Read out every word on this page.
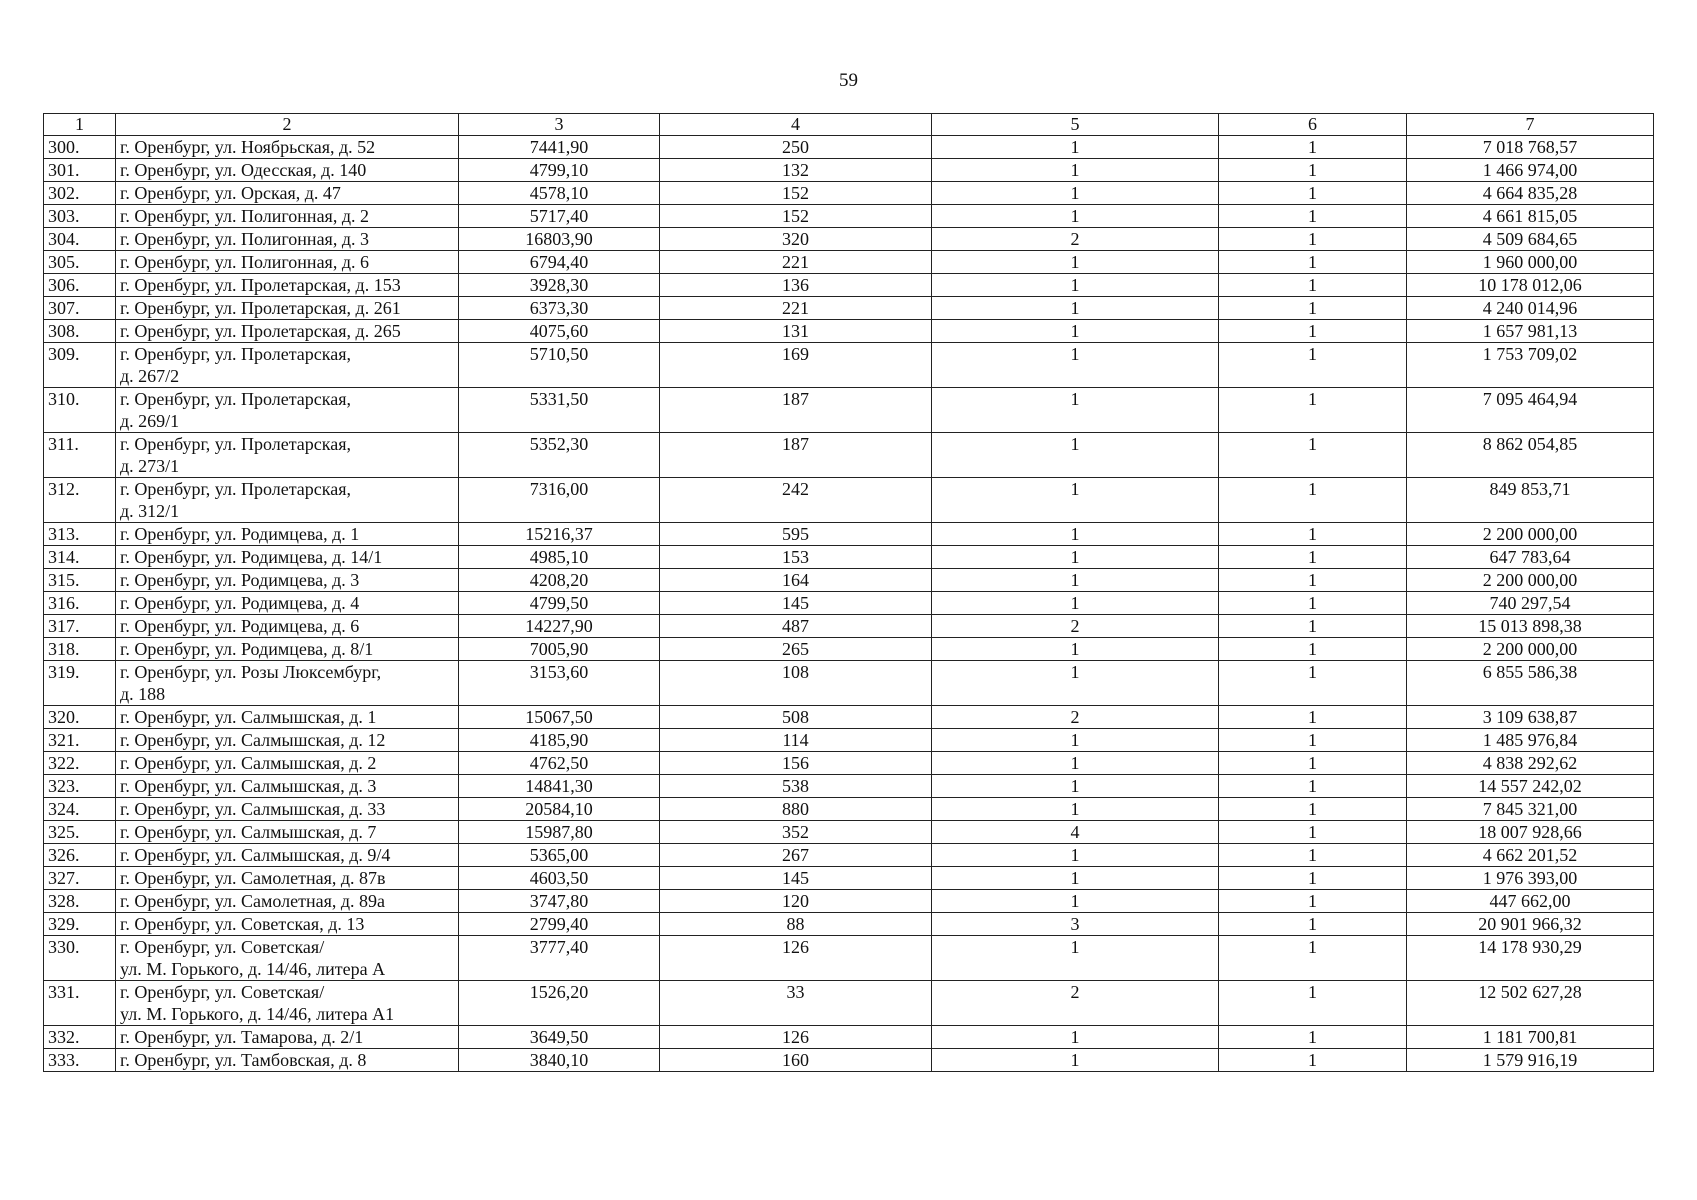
59
1	2	3	4	5	6	7
300.	г. Оренбург, ул. Ноябрьская, д. 52	7441,90	250	1	1	7 018 768,57
301.	г. Оренбург, ул. Одесская, д. 140	4799,10	132	1	1	1 466 974,00
302.	г. Оренбург, ул. Орская, д. 47	4578,10	152	1	1	4 664 835,28
303.	г. Оренбург, ул. Полигонная, д. 2	5717,40	152	1	1	4 661 815,05
304.	г. Оренбург, ул. Полигонная, д. 3	16803,90	320	2	1	4 509 684,65
305.	г. Оренбург, ул. Полигонная, д. 6	6794,40	221	1	1	1 960 000,00
306.	г. Оренбург, ул. Пролетарская, д. 153	3928,30	136	1	1	10 178 012,06
307.	г. Оренбург, ул. Пролетарская, д. 261	6373,30	221	1	1	4 240 014,96
308.	г. Оренбург, ул. Пролетарская, д. 265	4075,60	131	1	1	1 657 981,13
309.	г. Оренбург, ул. Пролетарская,
д. 267/2	5710,50	169	1	1	1 753 709,02
310.	г. Оренбург, ул. Пролетарская,
д. 269/1	5331,50	187	1	1	7 095 464,94
311.	г. Оренбург, ул. Пролетарская,
д. 273/1	5352,30	187	1	1	8 862 054,85
312.	г. Оренбург, ул. Пролетарская,
д. 312/1	7316,00	242	1	1	849 853,71
313.	г. Оренбург, ул. Родимцева, д. 1	15216,37	595	1	1	2 200 000,00
314.	г. Оренбург, ул. Родимцева, д. 14/1	4985,10	153	1	1	647 783,64
315.	г. Оренбург, ул. Родимцева, д. 3	4208,20	164	1	1	2 200 000,00
316.	г. Оренбург, ул. Родимцева, д. 4	4799,50	145	1	1	740 297,54
317.	г. Оренбург, ул. Родимцева, д. 6	14227,90	487	2	1	15 013 898,38
318.	г. Оренбург, ул. Родимцева, д. 8/1	7005,90	265	1	1	2 200 000,00
319.	г. Оренбург, ул. Розы Люксембург,
д. 188	3153,60	108	1	1	6 855 586,38
320.	г. Оренбург, ул. Салмышская, д. 1	15067,50	508	2	1	3 109 638,87
321.	г. Оренбург, ул. Салмышская, д. 12	4185,90	114	1	1	1 485 976,84
322.	г. Оренбург, ул. Салмышская, д. 2	4762,50	156	1	1	4 838 292,62
323.	г. Оренбург, ул. Салмышская, д. 3	14841,30	538	1	1	14 557 242,02
324.	г. Оренбург, ул. Салмышская, д. 33	20584,10	880	1	1	7 845 321,00
325.	г. Оренбург, ул. Салмышская, д. 7	15987,80	352	4	1	18 007 928,66
326.	г. Оренбург, ул. Салмышская, д. 9/4	5365,00	267	1	1	4 662 201,52
327.	г. Оренбург, ул. Самолетная, д. 87в	4603,50	145	1	1	1 976 393,00
328.	г. Оренбург, ул. Самолетная, д. 89а	3747,80	120	1	1	447 662,00
329.	г. Оренбург, ул. Советская, д. 13	2799,40	88	3	1	20 901 966,32
330.	г. Оренбург, ул. Советская/
ул. М. Горького, д. 14/46, литера А	3777,40	126	1	1	14 178 930,29
331.	г. Оренбург, ул. Советская/
ул. М. Горького, д. 14/46, литера А1	1526,20	33	2	1	12 502 627,28
332.	г. Оренбург, ул. Тамарова, д. 2/1	3649,50	126	1	1	1 181 700,81
333.	г. Оренбург, ул. Тамбовская, д. 8	3840,10	160	1	1	1 579 916,19
